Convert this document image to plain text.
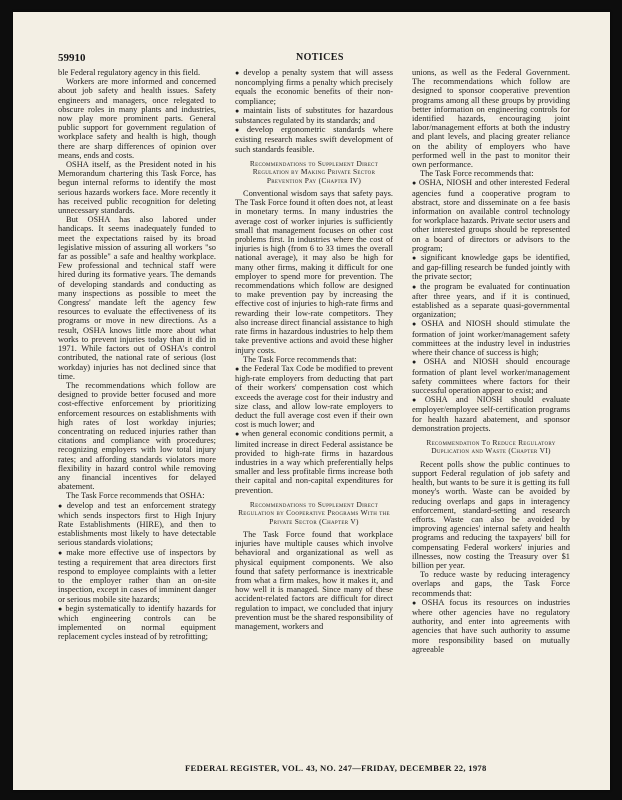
59910	NOTICES

ble Federal regulatory agency in this field.

Workers are more informed and concerned about job safety and health issues. Safety engineers and managers, once relegated to obscure roles in many plants and industries, now play more prominent parts. General public support for government regulation of workplace safety and health is high, though there are sharp differences of opinion over means, ends and costs.

OSHA itself, as the President noted in his Memorandum chartering this Task Force, has begun internal reforms to identify the most serious hazards workers face. More recently it has received public recognition for deleting unnecessary standards.

But OSHA has also labored under handicaps. It seems inadequately funded to meet the expectations raised by its broad legislative mission of assuring all workers "so far as possible" a safe and healthy workplace. Few professional and technical staff were hired during its formative years. The demands of developing standards and conducting as many inspections as possible to meet the Congress' mandate left the agency few resources to evaluate the effectiveness of its programs or move in new directions. As a result, OSHA knows little more about what works to prevent injuries today than it did in 1971. While factors out of OSHA's control contributed, the national rate of serious (lost workday) injuries has not declined since that time.

The recommendations which follow are designed to provide better focused and more cost-effective enforcement by prioritizing enforcement resources on establishments with high rates of lost workday injuries; concentrating on reduced injuries rather than citations and compliance with procedures; recognizing employers with low total injury rates; and affording standards violators more flexibility in hazard control while removing any financial incentives for delayed abatement.

The Task Force recommends that OSHA:

● develop and test an enforcement strategy which sends inspectors first to High Injury Rate Establishments (HIRE), and then to establishments most likely to have detectable serious standards violations;

● make more effective use of inspectors by testing a requirement that area directors first respond to employee complaints with a letter to the employer rather than an on-site inspection, except in cases of imminent danger or serious mobile site hazards;

● begin systematically to identify hazards for which engineering controls can be implemented on normal equipment replacement cycles instead of by retrofitting;

● develop a penalty system that will assess noncomplying firms a penalty which precisely equals the economic benefits of their non-compliance;

● maintain lists of substitutes for hazardous substances regulated by its standards; and

● develop ergonometric standards where existing research makes swift development of such standards feasible.

Recommendations to Supplement Direct Regulation by Making Private Sector Prevention Pay (Chapter IV)

Conventional wisdom says that safety pays. The Task Force found it often does not, at least in monetary terms. In many industries the average cost of worker injuries is sufficiently small that management focuses on other cost problems first. In industries where the cost of injuries is high (from 6 to 33 times the overall national average), it may also be high for many other firms, making it difficult for one employer to spend more for prevention. The recommendations which follow are designed to make prevention pay by increasing the effective cost of injuries to high-rate firms and rewarding their low-rate competitors. They also increase direct financial assistance to high rate firms in hazardous industries to help them take preventive actions and avoid these higher injury costs.

The Task Force recommends that:

● the Federal Tax Code be modified to prevent high-rate employers from deducting that part of their workers' compensation cost which exceeds the average cost for their industry and size class, and allow low-rate employers to deduct the full average cost even if their own cost is much lower; and

● when general economic conditions permit, a limited increase in direct Federal assistance be provided to high-rate firms in hazardous industries in a way which preferentially helps smaller and less profitable firms increase both their capital and non-capital expenditures for prevention.

Recommendations to Supplement Direct Regulation by Cooperative Programs With the Private Sector (Chapter V)

The Task Force found that workplace injuries have multiple causes which involve behavioral and organizational as well as physical equipment components. We also found that safety performance is inextricable from what a firm makes, how it makes it, and how well it is managed. Since many of these accident-related factors are difficult for direct regulation to impact, we concluded that injury prevention must be the shared responsibility of management, workers and

unions, as well as the Federal Government. The recommendations which follow are designed to sponsor cooperative prevention programs among all these groups by providing better information on engineering controls for identified hazards, encouraging joint labor/management efforts at both the industry and plant levels, and placing greater reliance on the ability of employers who have performed well in the past to monitor their own performance.

The Task Force recommends that:

● OSHA, NIOSH and other interested Federal agencies fund a cooperative program to abstract, store and disseminate on a fee basis information on available control technology for workplace hazards. Private sector users and other interested groups should be represented on a board of directors or advisors to the program;

● significant knowledge gaps be identified, and gap-filling research be funded jointly with the private sector;

● the program be evaluated for continuation after three years, and if it is continued, established as a separate quasi-governmental organization;

● OSHA and NIOSH should stimulate the formation of joint worker/management safety committees at the industry level in industries where their chance of success is high;

● OSHA and NIOSH should encourage formation of plant level worker/management safety committees where factors for their successful operation appear to exist; and

● OSHA and NIOSH should evaluate employer/employee self-certification programs for health hazard abatement, and sponsor demonstration projects.

Recommendation To Reduce Regulatory Duplication and Waste (Chapter VI)

Recent polls show the public continues to support Federal regulation of job safety and health, but wants to be sure it is getting its full money's worth. Waste can be avoided by reducing overlaps and gaps in interagency enforcement, standard-setting and research efforts. Waste can also be avoided by improving agencies' internal safety and health programs and reducing the taxpayers' bill for compensating Federal workers' injuries and illnesses, now costing the Treasury over $1 billion per year.

To reduce waste by reducing interagency overlaps and gaps, the Task Force recommends that:

● OSHA focus its resources on industries where other agencies have no regulatory authority, and enter into agreements with agencies that have such authority to assume more responsibility based on mutually agreeable

FEDERAL REGISTER, VOL. 43, NO. 247—FRIDAY, DECEMBER 22, 1978
